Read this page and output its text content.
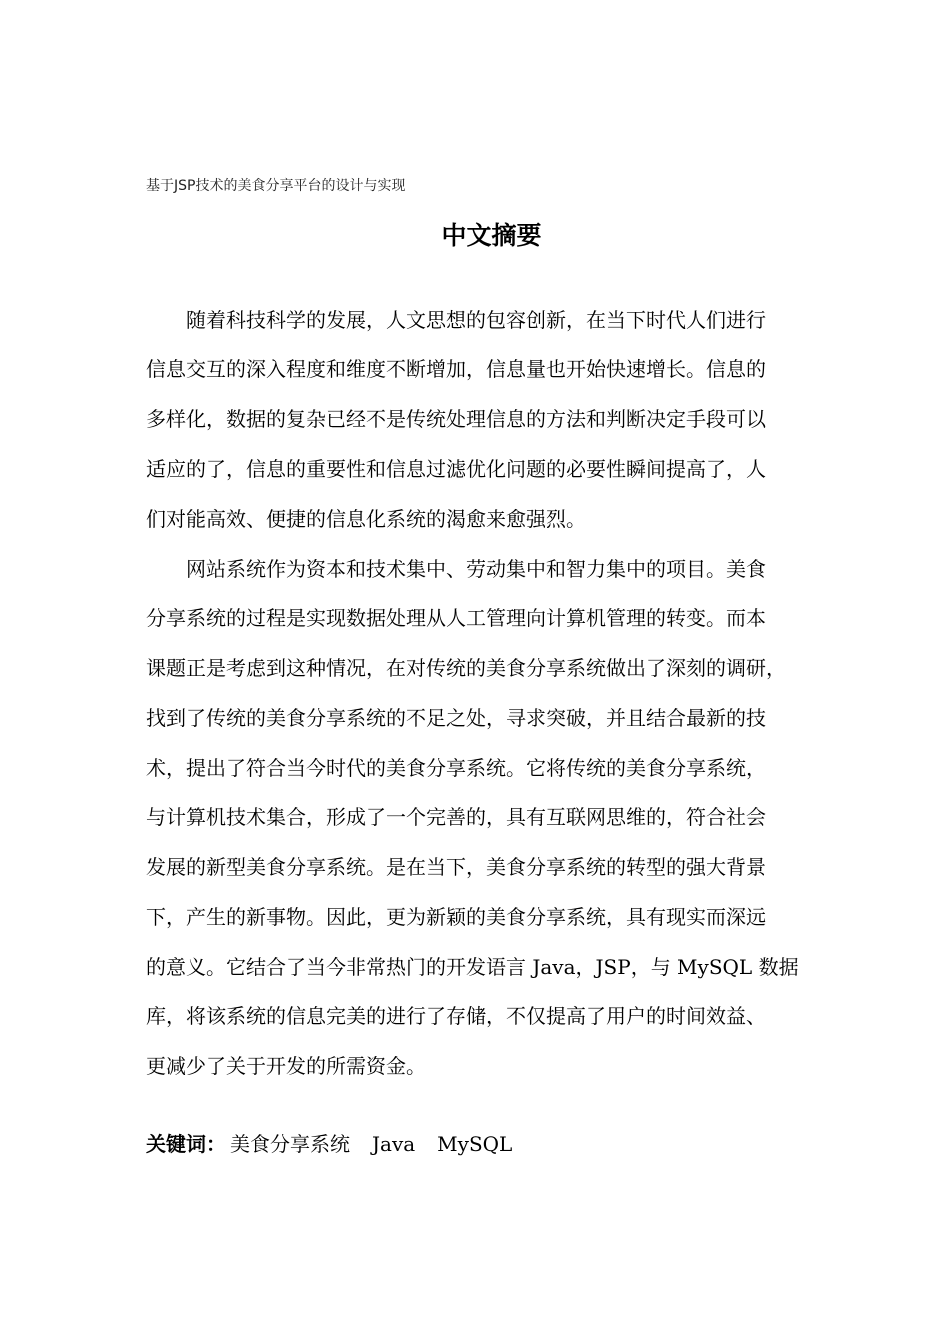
基于JSP技术的美食分享平台的设计与实现
中文摘要
　　随着科技科学的发展，人文思想的包容创新，在当下时代人们进行
信息交互的深入程度和维度不断增加，信息量也开始快速增长。信息的
多样化，数据的复杂已经不是传统处理信息的方法和判断决定手段可以
适应的了，信息的重要性和信息过滤优化问题的必要性瞬间提高了，人
们对能高效、便捷的信息化系统的渴愈来愈强烈。
　　网站系统作为资本和技术集中、劳动集中和智力集中的项目。美食
分享系统的过程是实现数据处理从人工管理向计算机管理的转变。而本
课题正是考虑到这种情况，在对传统的美食分享系统做出了深刻的调研，
找到了传统的美食分享系统的不足之处，寻求突破，并且结合最新的技
术，提出了符合当今时代的美食分享系统。它将传统的美食分享系统，
与计算机技术集合，形成了一个完善的，具有互联网思维的，符合社会
发展的新型美食分享系统。是在当下，美食分享系统的转型的强大背景
下，产生的新事物。因此，更为新颖的美食分享系统，具有现实而深远
的意义。它结合了当今非常热门的开发语言 Java，JSP，与 MySQL 数据
库，将该系统的信息完美的进行了存储，不仅提高了用户的时间效益、
更减少了关于开发的所需资金。
关键词： 美食分享系统 Java MySQL
